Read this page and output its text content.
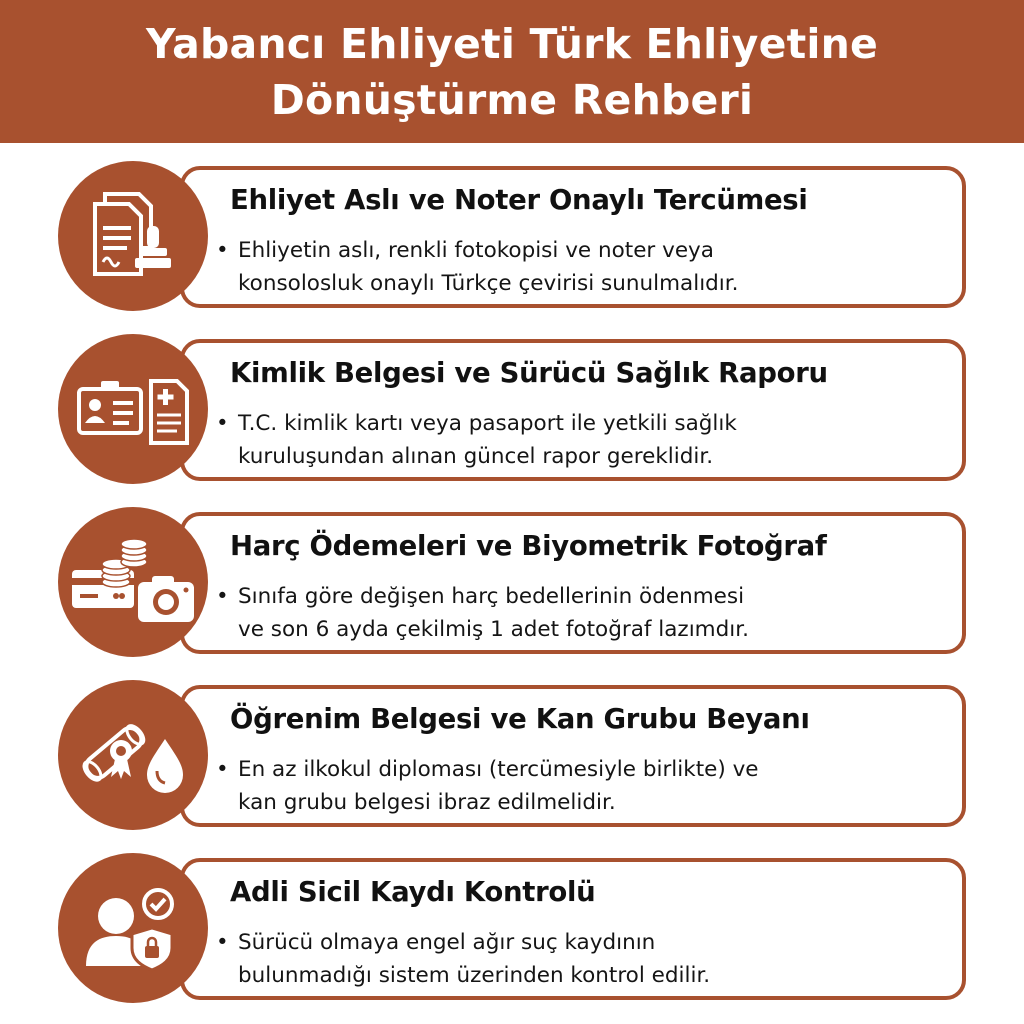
Yabancı Ehliyeti Türk Ehliyetine
Dönüştürme Rehberi
Ehliyet Aslı ve Noter Onaylı Tercümesi
• Ehliyetin aslı, renkli fotokopisi ve noter veya
konsolosluk onaylı Türkçe çevirisi sunulmalıdır.
Kimlik Belgesi ve Sürücü Sağlık Raporu
• T.C. kimlik kartı veya pasaport ile yetkili sağlık
kuruluşundan alınan güncel rapor gereklidir.
Harç Ödemeleri ve Biyometrik Fotoğraf
• Sınıfa göre değişen harç bedellerinin ödenmesi
ve son 6 ayda çekilmiş 1 adet fotoğraf lazımdır.
Öğrenim Belgesi ve Kan Grubu Beyanı
• En az ilkokul diploması (tercümesiyle birlikte) ve
kan grubu belgesi ibraz edilmelidir.
Adli Sicil Kaydı Kontrolü
• Sürücü olmaya engel ağır suç kaydının
bulunmadığı sistem üzerinden kontrol edilir.
